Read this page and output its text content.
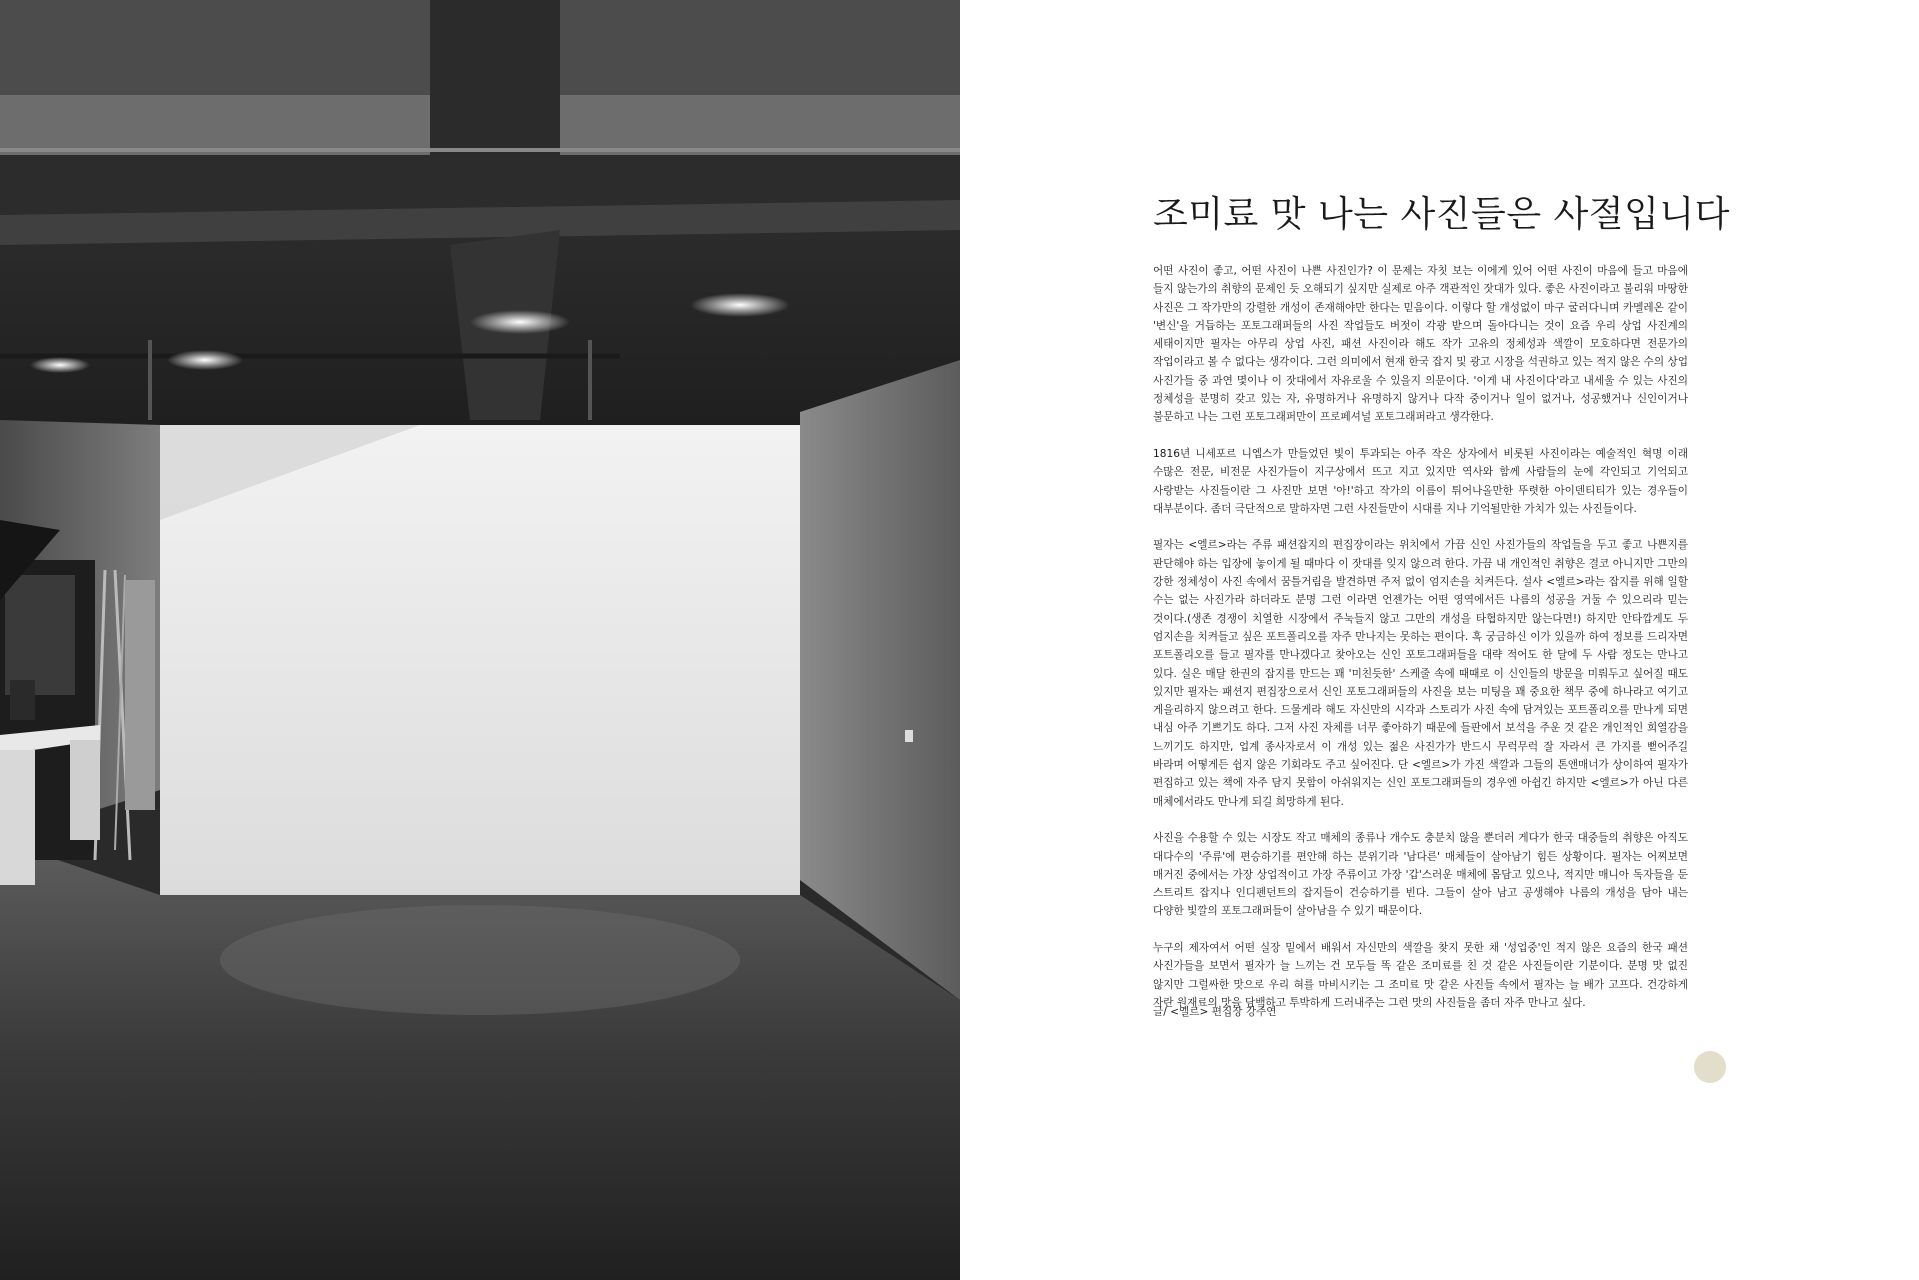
조미료 맛 나는 사진들은 사절입니다

어떤 사진이 좋고, 어떤 사진이 나쁜 사진인가? 이 문제는 자칫 보는 이에게 있어 어떤 사진이 마음에 들고 마음에 들지 않는가의 취향의 문제인 듯 오해되기 싶지만 실제로 아주 객관적인 잣대가 있다. 좋은 사진이라고 불리워 마땅한 사진은 그 작가만의 강렬한 개성이 존재해야만 한다는 믿음이다. 이렇다 할 개성없이 마구 굴러다니며 카멜레온 같이 '변신'을 거듭하는 포토그래퍼들의 사진 작업들도 버젓이 각광 받으며 돌아다니는 것이 요즘 우리 상업 사진계의 세태이지만 필자는 아무리 상업 사진, 패션 사진이라 해도 작가 고유의 정체성과 색깔이 모호하다면 전문가의 작업이라고 볼 수 없다는 생각이다. 그런 의미에서 현재 한국 잡지 및 광고 시장을 석권하고 있는 적지 않은 수의 상업 사진가들 중 과연 몇이나 이 잣대에서 자유로울 수 있을지 의문이다. '이게 내 사진이다'라고 내세울 수 있는 사진의 정체성을 분명히 갖고 있는 자, 유명하거나 유명하지 않거나 다작 중이거나 일이 없거나, 성공했거나 신인이거나 불문하고 나는 그런 포토그래퍼만이 프로페셔널 포토그래퍼라고 생각한다.

1816년 니세포르 니엡스가 만들었던 빛이 투과되는 아주 작은 상자에서 비롯된 사진이라는 예술적인 혁명 이래 수많은 전문, 비전문 사진가들이 지구상에서 뜨고 지고 있지만 역사와 함께 사람들의 눈에 각인되고 기억되고 사랑받는 사진들이란 그 사진만 보면 '아!'하고 작가의 이름이 튀어나올만한 뚜렷한 아이덴티티가 있는 경우들이 대부분이다. 좀더 극단적으로 말하자면 그런 사진들만이 시대를 지나 기억될만한 가치가 있는 사진들이다.

필자는 <엘르>라는 주류 패션잡지의 편집장이라는 위치에서 가끔 신인 사진가들의 작업들을 두고 좋고 나쁜지를 판단해야 하는 입장에 놓이게 될 때마다 이 잣대를 잊지 않으려 한다. 가끔 내 개인적인 취향은 결코 아니지만 그만의 강한 정체성이 사진 속에서 꿈틀거림을 발견하면 주저 없이 엄지손을 치켜든다. 설사 <엘르>라는 잡지를 위해 일할 수는 없는 사진가라 하더라도 분명 그런 이라면 언젠가는 어떤 영역에서든 나름의 성공을 거둘 수 있으리라 믿는 것이다.(생존 경쟁이 치열한 시장에서 주눅들지 않고 그만의 개성을 타협하지만 않는다면!) 하지만 안타깝게도 두 엄지손을 치켜들고 싶은 포트폴리오를 자주 만나지는 못하는 편이다. 혹 궁금하신 이가 있을까 하여 정보를 드리자면 포트폴리오를 들고 필자를 만나겠다고 찾아오는 신인 포토그래퍼들을 대략 적어도 한 달에 두 사람 정도는 만나고 있다. 실은 매달 한권의 잡지를 만드는 꽤 '미친듯한' 스케줄 속에 때때로 이 신인들의 방문을 미뤄두고 싶어질 때도 있지만 필자는 패션지 편집장으로서 신인 포토그래퍼들의 사진을 보는 미팅을 꽤 중요한 책무 중에 하나라고 여기고 게을리하지 않으려고 한다. 드물게라 해도 자신만의 시각과 스토리가 사진 속에 담겨있는 포트폴리오를 만나게 되면 내심 아주 기쁘기도 하다. 그저 사진 자체를 너무 좋아하기 때문에 들판에서 보석을 주운 것 같은 개인적인 희열감을 느끼기도 하지만, 업계 종사자로서 이 개성 있는 젊은 사진가가 반드시 무럭무럭 잘 자라서 큰 가지를 뻗어주길 바라며 어떻게든 쉽지 않은 기회라도 주고 싶어진다. 단 <엘르>가 가진 색깔과 그들의 톤앤매너가 상이하여 필자가 편집하고 있는 책에 자주 담지 못함이 아쉬워지는 신인 포토그래퍼들의 경우엔 아쉽긴 하지만 <엘르>가 아닌 다른 매체에서라도 만나게 되길 희망하게 된다.

사진을 수용할 수 있는 시장도 작고 매체의 종류나 개수도 충분치 않을 뿐더러 게다가 한국 대중들의 취향은 아직도 대다수의 '주류'에 편승하기를 편안해 하는 분위기라 '남다른' 매체들이 살아남기 힘든 상황이다. 필자는 어찌보면 매거진 중에서는 가장 상업적이고 가장 주류이고 가장 '갑'스러운 매체에 몸담고 있으나, 적지만 매니아 독자들을 둔 스트리트 잡지나 인디펜던트의 잡지들이 건승하기를 빈다. 그들이 살아 남고 공생해야 나름의 개성을 담아 내는 다양한 빛깔의 포토그래퍼들이 살아남을 수 있기 때문이다.

누구의 제자여서 어떤 실장 밑에서 배워서 자신만의 색깔을 찾지 못한 채 '성업중'인 적지 않은 요즘의 한국 패션 사진가들을 보면서 필자가 늘 느끼는 건 모두들 똑 같은 조미료를 친 것 같은 사진들이란 기분이다. 분명 맛 없진 않지만 그럴싸한 맛으로 우리 혀를 마비시키는 그 조미료 맛 같은 사진들 속에서 필자는 늘 배가 고프다. 건강하게 자란 원재료의 맛을 담백하고 투박하게 드러내주는 그런 맛의 사진들을 좀더 자주 만나고 싶다.

글/ <엘르> 편집장 강주연
